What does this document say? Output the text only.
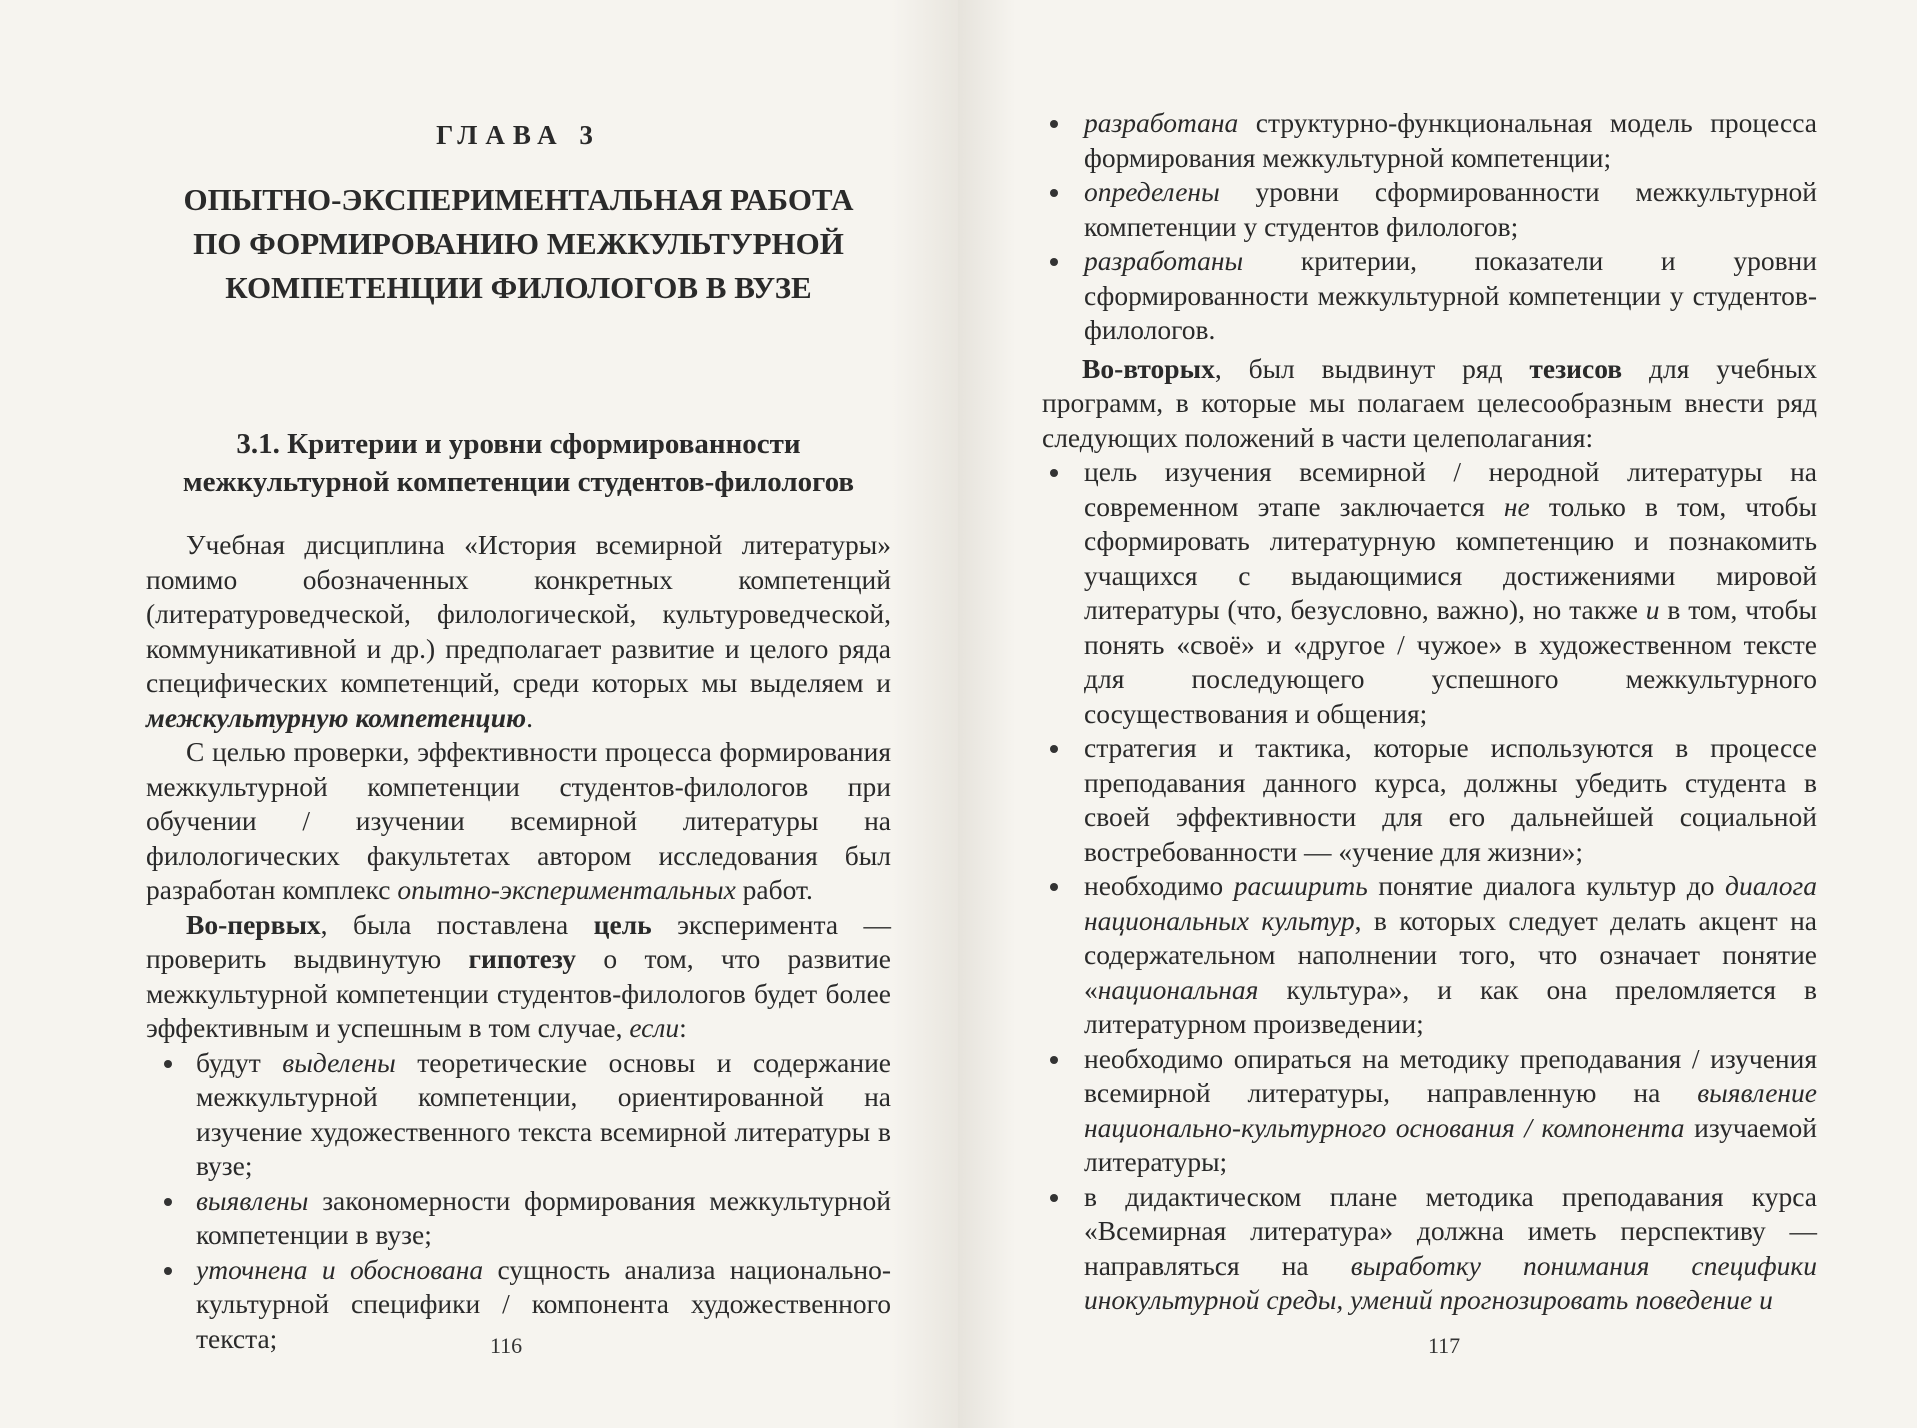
ГЛАВА 3
ОПЫТНО-ЭКСПЕРИМЕНТАЛЬНАЯ РАБОТА
ПО ФОРМИРОВАНИЮ МЕЖКУЛЬТУРНОЙ
КОМПЕТЕНЦИИ ФИЛОЛОГОВ В ВУЗЕ
3.1. Критерии и уровни сформированности
межкультурной компетенции студентов-филологов

Учебная дисциплина «История всемирной литературы» помимо обозначенных конкретных компетенций (литературоведческой, филологической, культуроведческой, коммуникативной и др.) предполагает развитие и целого ряда специфических компетенций, среди которых мы выделяем и межкультурную компетенцию.

С целью проверки, эффективности процесса формирования межкультурной компетенции студентов-филологов при обучении / изучении всемирной литературы на филологических факультетах автором исследования был разработан комплекс опытно-экспериментальных работ.

Во-первых, была поставлена цель эксперимента — проверить выдвинутую гипотезу о том, что развитие межкультурной компетенции студентов-филологов будет более эффективным и успешным в том случае, если:

будут выделены теоретические основы и содержание межкультурной компетенции, ориентированной на изучение художественного текста всемирной литературы в вузе;
выявлены закономерности формирования межкультурной компетенции в вузе;
уточнена и обоснована сущность анализа национально-культурной специфики / компонента художественного текста;	116
разработана структурно-функциональная модель процесса формирования межкультурной компетенции;
определены уровни сформированности межкультурной компетенции у студентов филологов;
разработаны критерии, показатели и уровни сформированности межкультурной компетенции у студентов-филологов.

Во-вторых, был выдвинут ряд тезисов для учебных программ, в которые мы полагаем целесообразным внести ряд следующих положений в части целеполагания:

цель изучения всемирной / неродной литературы на современном этапе заключается не только в том, чтобы сформировать литературную компетенцию и познакомить учащихся с выдающимися достижениями мировой литературы (что, безусловно, важно), но также и в том, чтобы понять «своё» и «другое / чужое» в художественном тексте для последующего успешного межкультурного сосуществования и общения;
стратегия и тактика, которые используются в процессе преподавания данного курса, должны убедить студента в своей эффективности для его дальнейшей социальной востребованности — «учение для жизни»;
необходимо расширить понятие диалога культур до диалога национальных культур, в которых следует делать акцент на содержательном наполнении того, что означает понятие «национальная культура», и как она преломляется в литературном произведении;
необходимо опираться на методику преподавания / изучения всемирной литературы, направленную на выявление национально-культурного основания / компонента изучаемой литературы;
в дидактическом плане методика преподавания курса «Всемирная литература» должна иметь перспективу — направляться на выработку понимания специфики инокультурной среды, умений прогнозировать поведение и
117
